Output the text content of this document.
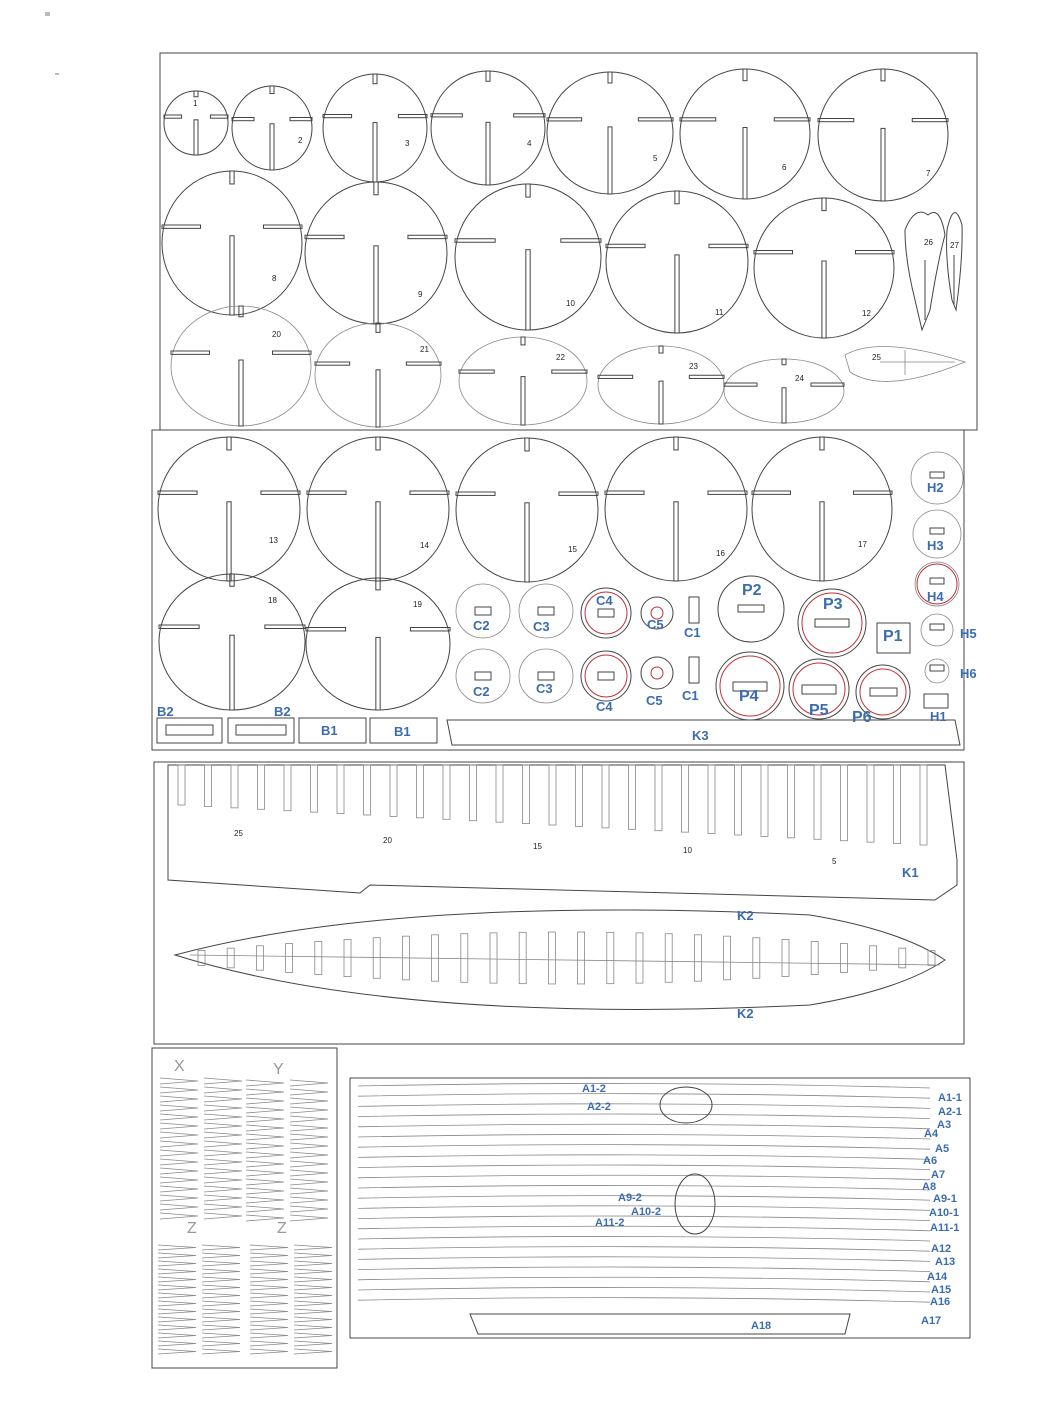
1
2	3	4
5
6
7
8
9
10
11	12
20
21
22
23
24
25
26 27
13
14	15	16
17
18	19
H2
H3
H4
H5
H6
H1
C2
C2
C3
C3
C4
C4
C5
C5
C1
C1
P1
P2
P3
P4
P5 P6
B1	B1
B2	B2
K3
K1
K2
K2
25
20
15	10
5
X	Y
Z	Z
A1-1
A1-2
A2-1
A2-2
A3
A4
A5
A6
A7
A8
A9-1
A9-2
A10-1
A10-2
A11-1
A11-2
A12
A13
A14
A15
A16
A17
A18
